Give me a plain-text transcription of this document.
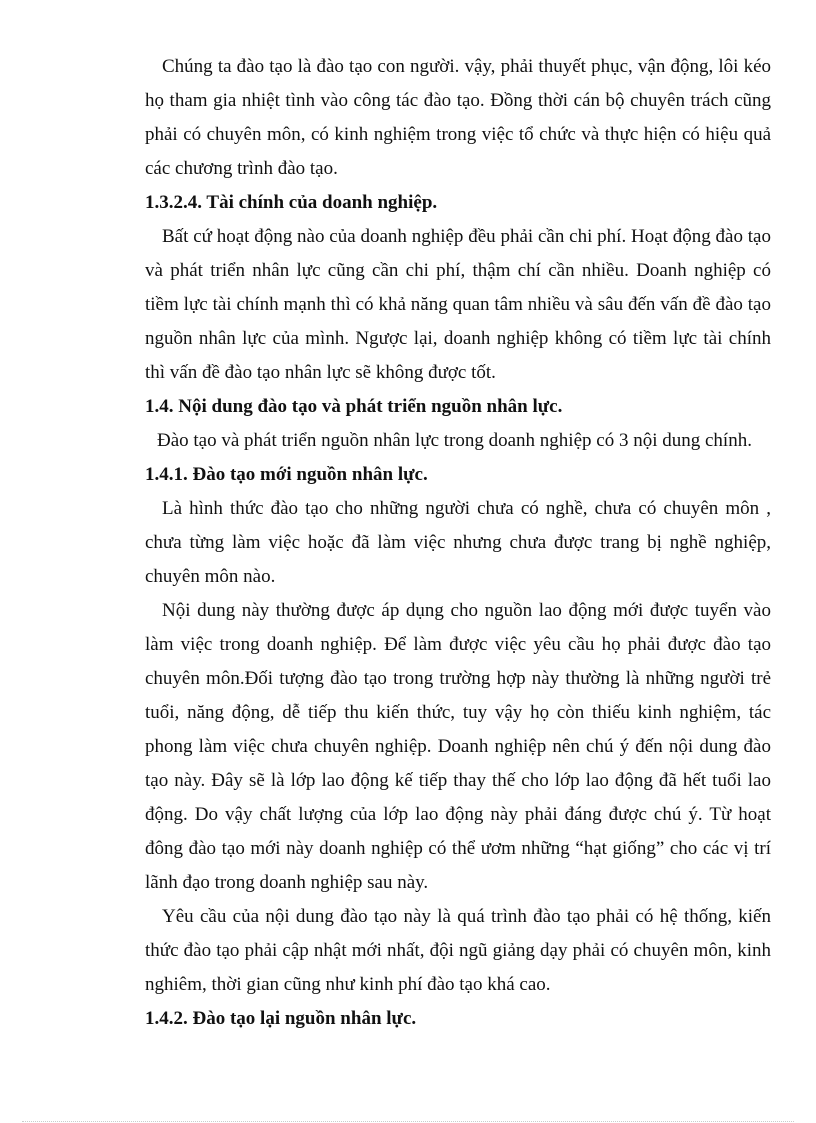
Chúng ta đào tạo là đào tạo con người. vậy, phải thuyết phục, vận động, lôi kéo họ tham gia nhiệt tình vào công tác đào tạo. Đồng thời cán bộ chuyên trách cũng phải có chuyên môn, có kinh nghiệm trong việc tổ chức và thực hiện có hiệu quả các chương trình đào tạo.

1.3.2.4. Tài chính của doanh nghiệp.

Bất cứ hoạt động nào của doanh nghiệp đều phải cần chi phí. Hoạt động đào tạo và phát triển nhân lực cũng cần chi phí, thậm chí cần nhiều. Doanh nghiệp có tiềm lực tài chính mạnh thì có khả năng quan tâm nhiều và sâu đến vấn đề đào tạo nguồn nhân lực của mình. Ngược lại, doanh nghiệp không có tiềm lực tài chính thì vấn đề đào tạo nhân lực sẽ không được tốt.

1.4. Nội dung đào tạo và phát triển nguồn nhân lực.

Đào tạo và phát triển nguồn nhân lực trong doanh nghiệp có 3 nội dung chính.

1.4.1. Đào tạo mới nguồn nhân lực.

Là hình thức đào tạo cho những người chưa có nghề, chưa có chuyên môn , chưa từng làm việc hoặc đã làm việc nhưng chưa được trang bị nghề nghiệp, chuyên môn nào.

Nội dung này thường được áp dụng cho nguồn lao động mới được tuyển vào làm việc trong doanh nghiệp. Để làm được việc yêu cầu họ phải được đào tạo chuyên môn.Đối tượng đào tạo trong trường hợp này thường là những người trẻ tuổi, năng động, dễ tiếp thu kiến thức, tuy vậy họ còn thiếu kinh nghiệm, tác phong làm việc chưa chuyên nghiệp. Doanh nghiệp nên chú ý đến nội dung đào tạo này. Đây sẽ là lớp lao động kế tiếp thay thế cho lớp lao động đã hết tuổi lao động. Do vậy chất lượng của lớp lao động này phải đáng được chú ý. Từ hoạt đông đào tạo mới này doanh nghiệp có thể ươm những “hạt giống” cho các vị trí lãnh đạo trong doanh nghiệp sau này.

Yêu cầu của nội dung đào tạo này là quá trình đào tạo phải có hệ thống, kiến thức đào tạo phải cập nhật mới nhất, đội ngũ giảng dạy phải có chuyên môn, kinh nghiêm, thời gian cũng như kinh phí đào tạo khá cao.

1.4.2. Đào tạo lại nguồn nhân lực.
